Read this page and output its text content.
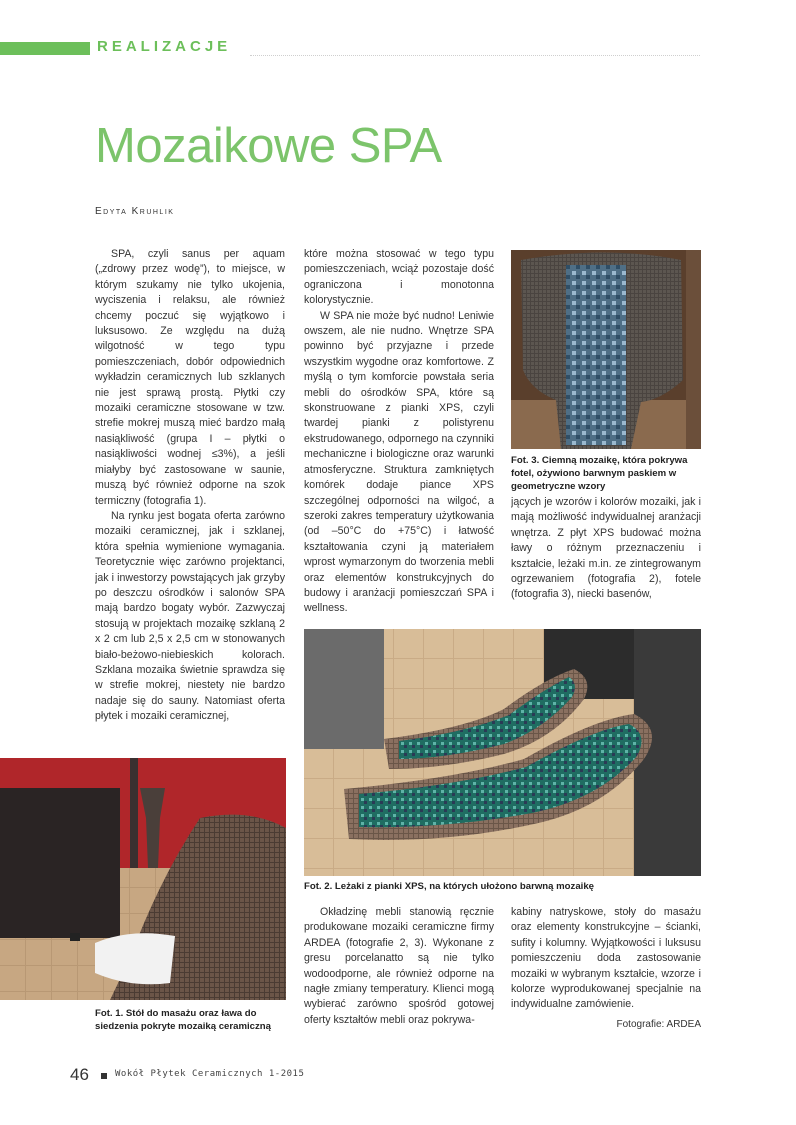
REALIZACJE
Mozaikowe SPA
Edyta Kruhlik

SPA, czyli sanus per aquam („zdrowy przez wodę”), to miejsce, w którym szukamy nie tylko ukojenia, wyciszenia i relaksu, ale również chcemy poczuć się wyjątkowo i luksusowo. Ze względu na dużą wilgotność w tego typu pomieszczeniach, dobór odpowiednich wykładzin ceramicznych lub szklanych nie jest sprawą prostą. Płytki czy mozaiki ceramiczne stosowane w tzw. strefie mokrej muszą mieć bardzo małą nasiąkliwość (grupa I – płytki o nasiąkliwości wodnej ≤3%), a jeśli miałyby być zastosowane w saunie, muszą być również odporne na szok termiczny (fotografia 1).

Na rynku jest bogata oferta zarówno mozaiki ceramicznej, jak i szklanej, która spełnia wymienione wymagania. Teoretycznie więc zarówno projektanci, jak i inwestorzy powstających jak grzyby po deszczu ośrodków i salonów SPA mają bardzo bogaty wybór. Zazwyczaj stosują w projektach mozaikę szklaną 2 x 2 cm lub 2,5 x 2,5 cm w stonowanych biało-beżowo-niebieskich kolorach. Szklana mozaika świetnie sprawdza się w strefie mokrej, niestety nie bardzo nadaje się do sauny. Natomiast oferta płytek i mozaiki ceramicznej,

które można stosować w tego typu pomieszczeniach, wciąż pozostaje dość ograniczona i monotonna kolorystycznie.

W SPA nie może być nudno! Leniwie owszem, ale nie nudno. Wnętrze SPA powinno być przyjazne i przede wszystkim wygodne oraz komfortowe. Z myślą o tym komforcie powstała seria mebli do ośrodków SPA, które są skonstruowane z pianki XPS, czyli twardej pianki z polistyrenu ekstrudowanego, odpornego na czynniki mechaniczne i biologiczne oraz warunki atmosferyczne. Struktura zamkniętych komórek dodaje piance XPS szczególnej odporności na wilgoć, a szeroki zakres temperatury użytkowania (od –50°C do +75°C) i łatwość kształtowania czyni ją materiałem wprost wymarzonym do tworzenia mebli oraz elementów konstrukcyjnych do budowy i aranżacji pomieszczań SPA i wellness.

Fot. 3. Ciemną mozaikę, która pokrywa fotel, ożywiono barwnym paskiem w geometryczne wzory

jących je wzorów i kolorów mozaiki, jak i mają możliwość indywidualnej aranżacji wnętrza. Z płyt XPS budować można ławy o różnym przeznaczeniu i kształcie, leżaki m.in. ze zintegrowanym ogrzewaniem (fotografia 2), fotele (fotografia 3), niecki basenów,

Fot. 2. Leżaki z pianki XPS, na których ułożono barwną mozaikę
Fot. 1. Stół do masażu oraz ława do siedzenia pokryte mozaiką ceramiczną

Okładzinę mebli stanowią ręcznie produkowane mozaiki ceramiczne firmy ARDEA (fotografie 2, 3). Wykonane z gresu porcelanatto są nie tylko wodoodporne, ale również odporne na nagłe zmiany temperatury. Klienci mogą wybierać zarówno spośród gotowej oferty kształtów mebli oraz pokrywa-

kabiny natryskowe, stoły do masażu oraz elementy konstrukcyjne – ścianki, sufity i kolumny. Wyjątkowości i luksusu pomieszczeniu doda zastosowanie mozaiki w wybranym kształcie, wzorze i kolorze wyprodukowanej specjalnie na indywidualne zamówienie.

Fotografie: ARDEA
46	Wokół Płytek Ceramicznych 1-2015
